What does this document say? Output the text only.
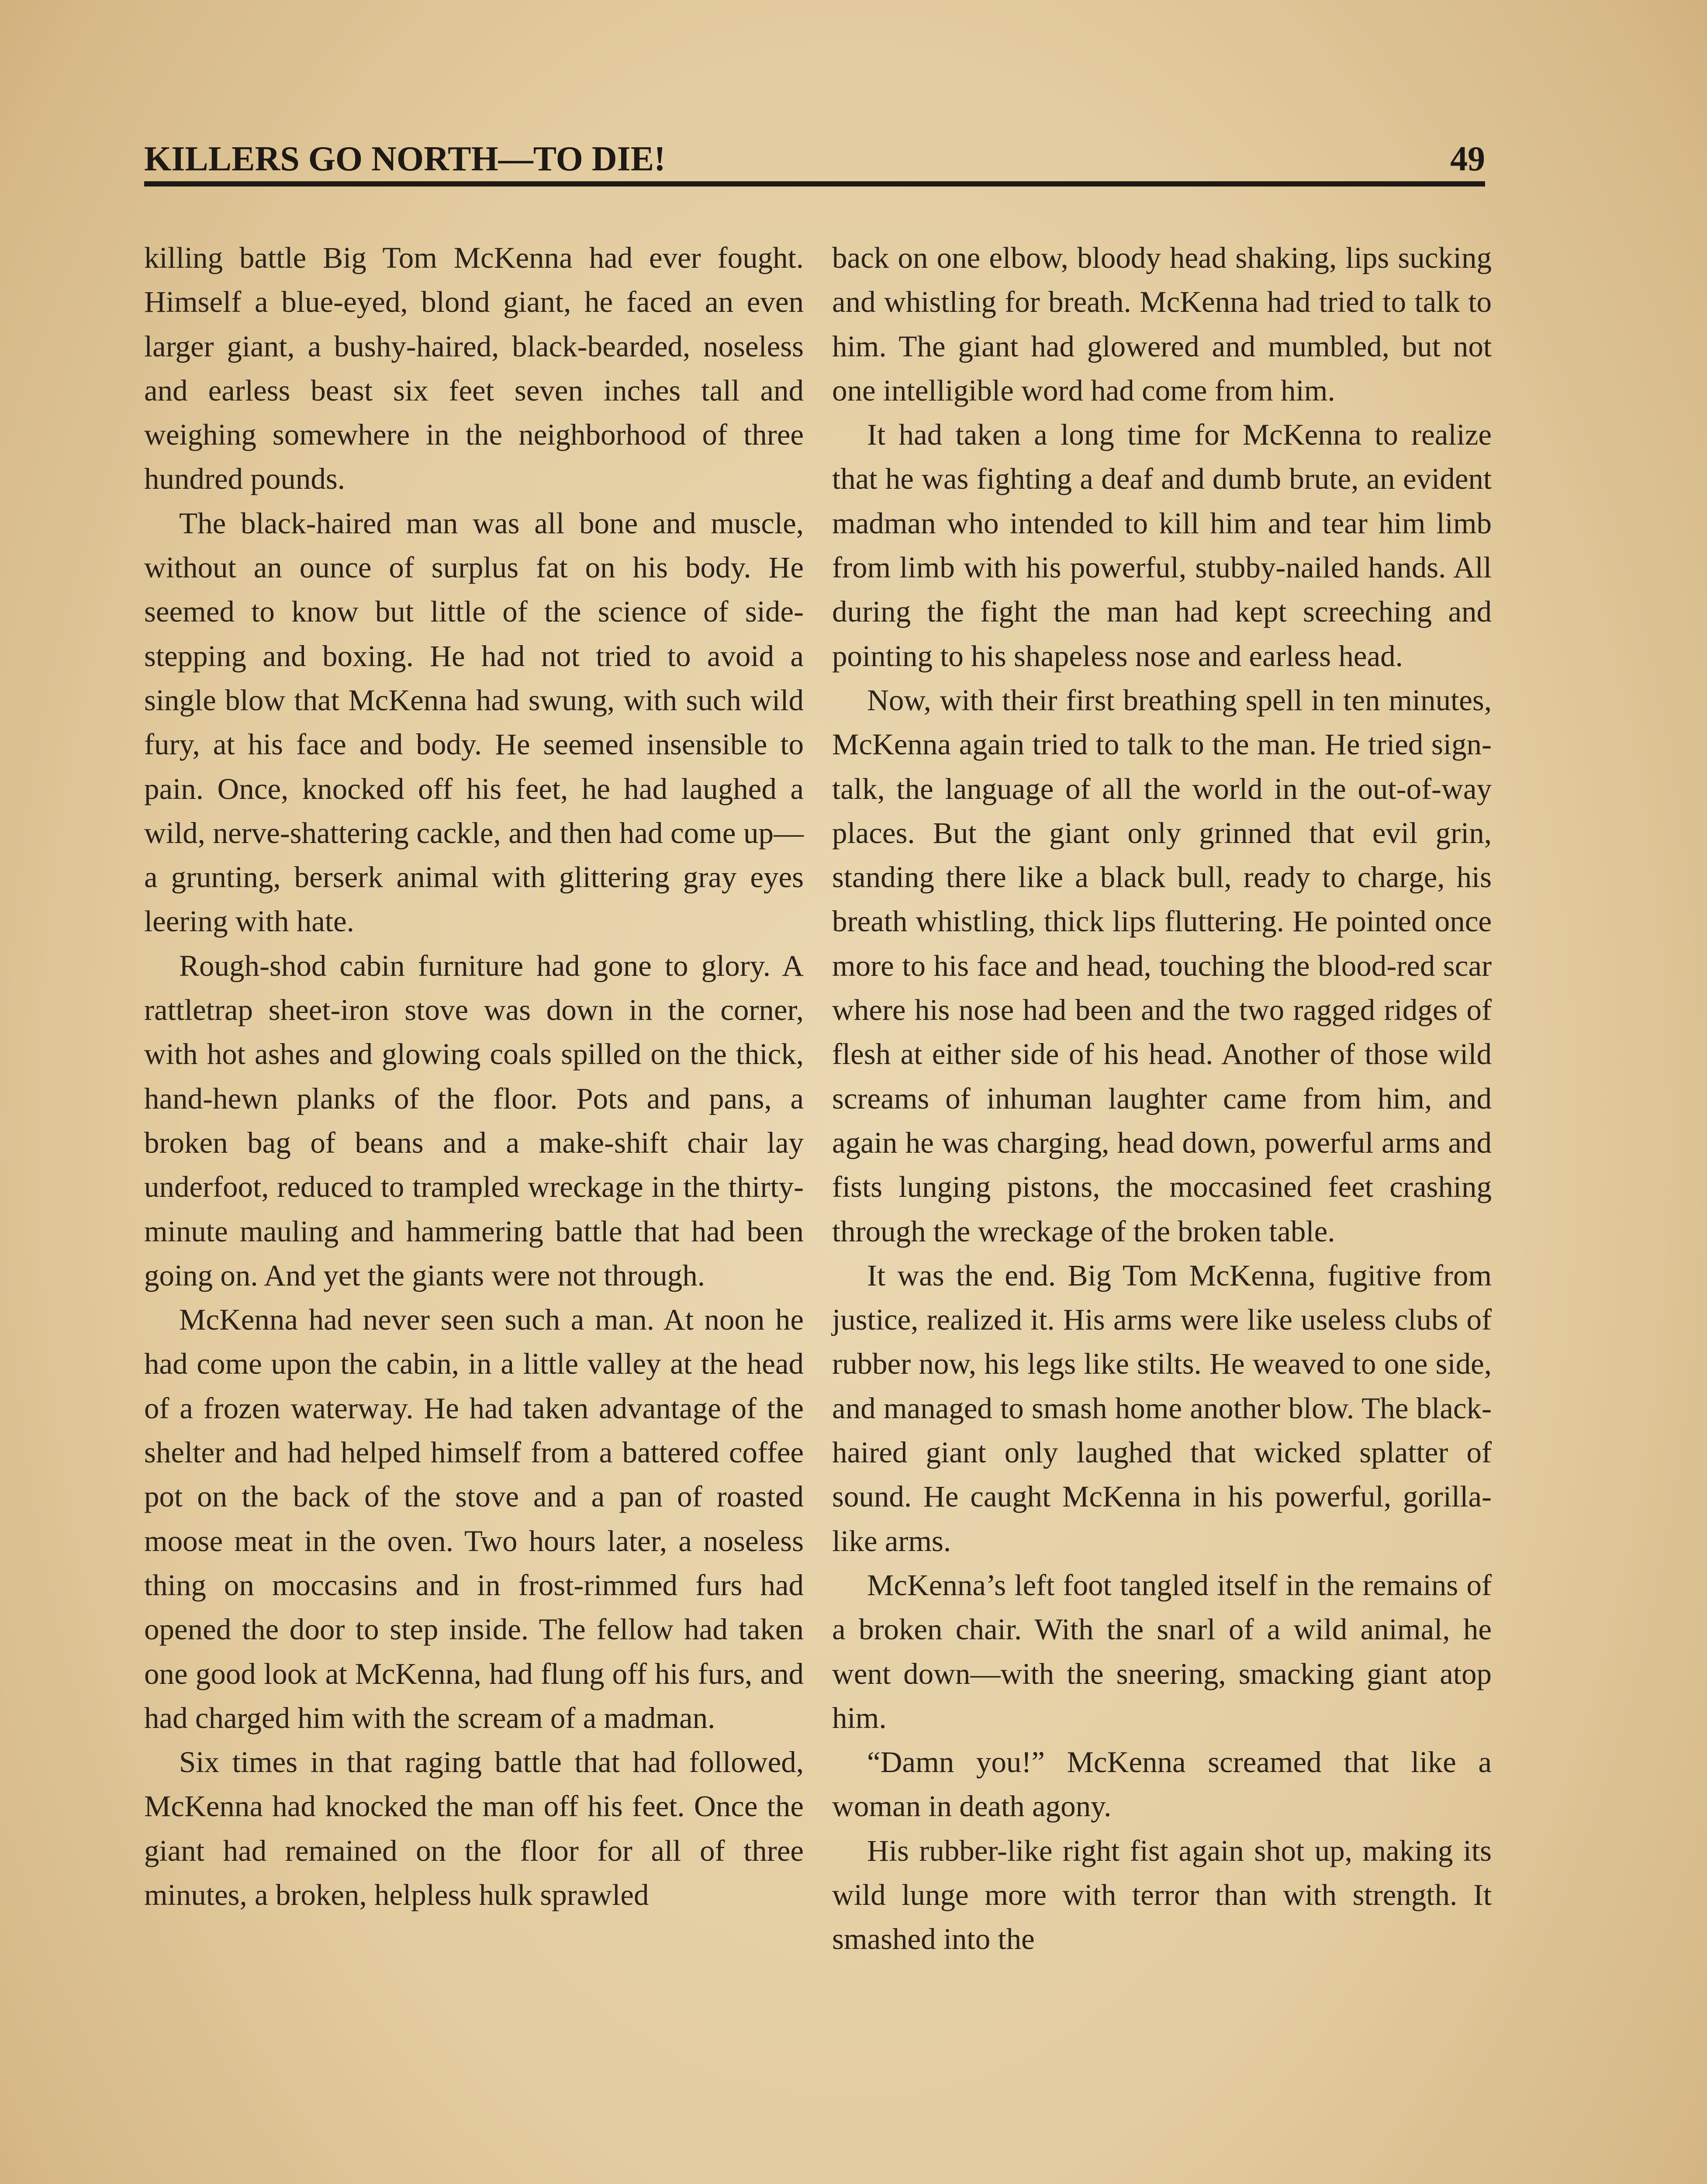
KILLERS GO NORTH—TO DIE!	49

killing battle Big Tom McKenna had ever fought. Himself a blue-eyed, blond giant, he faced an even larger giant, a bushy-haired, black-bearded, noseless and earless beast six feet seven inches tall and weighing somewhere in the neighborhood of three hundred pounds.

The black-haired man was all bone and muscle, without an ounce of surplus fat on his body. He seemed to know but little of the science of side-stepping and boxing. He had not tried to avoid a single blow that McKenna had swung, with such wild fury, at his face and body. He seemed insensible to pain. Once, knocked off his feet, he had laughed a wild, nerve-shattering cackle, and then had come up—a grunting, berserk animal with glittering gray eyes leering with hate.

Rough-shod cabin furniture had gone to glory. A rattletrap sheet-iron stove was down in the corner, with hot ashes and glowing coals spilled on the thick, hand-hewn planks of the floor. Pots and pans, a broken bag of beans and a make-shift chair lay underfoot, reduced to trampled wreckage in the thirty-minute mauling and hammering battle that had been going on. And yet the giants were not through.

McKenna had never seen such a man. At noon he had come upon the cabin, in a little valley at the head of a frozen waterway. He had taken advantage of the shelter and had helped himself from a battered coffee pot on the back of the stove and a pan of roasted moose meat in the oven. Two hours later, a noseless thing on moccasins and in frost-rimmed furs had opened the door to step inside. The fellow had taken one good look at McKenna, had flung off his furs, and had charged him with the scream of a madman.

Six times in that raging battle that had followed, McKenna had knocked the man off his feet. Once the giant had remained on the floor for all of three minutes, a broken, helpless hulk sprawled

back on one elbow, bloody head shaking, lips sucking and whistling for breath. McKenna had tried to talk to him. The giant had glowered and mumbled, but not one intelligible word had come from him.

It had taken a long time for McKenna to realize that he was fighting a deaf and dumb brute, an evident madman who intended to kill him and tear him limb from limb with his powerful, stubby-nailed hands. All during the fight the man had kept screeching and pointing to his shapeless nose and earless head.

Now, with their first breathing spell in ten minutes, McKenna again tried to talk to the man. He tried sign-talk, the language of all the world in the out-of-way places. But the giant only grinned that evil grin, standing there like a black bull, ready to charge, his breath whistling, thick lips fluttering. He pointed once more to his face and head, touching the blood-red scar where his nose had been and the two ragged ridges of flesh at either side of his head. Another of those wild screams of inhuman laughter came from him, and again he was charging, head down, powerful arms and fists lunging pistons, the moccasined feet crashing through the wreckage of the broken table.

It was the end. Big Tom McKenna, fugitive from justice, realized it. His arms were like useless clubs of rubber now, his legs like stilts. He weaved to one side, and managed to smash home another blow. The black-haired giant only laughed that wicked splatter of sound. He caught McKenna in his powerful, gorilla-like arms.

McKenna’s left foot tangled itself in the remains of a broken chair. With the snarl of a wild animal, he went down—with the sneering, smacking giant atop him.

“Damn you!” McKenna screamed that like a woman in death agony.

His rubber-like right fist again shot up, making its wild lunge more with terror than with strength. It smashed into the
